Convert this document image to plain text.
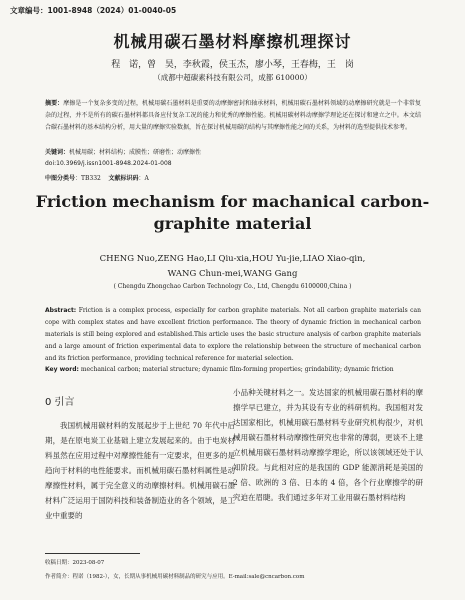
文章编号：1001-8948（2024）01-0040-05
机械用碳石墨材料摩擦机理探讨
程 诺，曾 昊，李秋霞，侯玉杰，廖小琴，王春梅，王 岗
（成都中超碳素科技有限公司，成都 610000）
摘要：摩擦是一个复杂多变的过程，机械用碳石墨材料是重要的动摩擦密封和轴承材料，机械用碳石墨材料领域的动摩擦研究就是一个非常复杂的过程，并不是所有的碳石墨材料都具备应付复杂工况的能力和优秀的摩擦性能。机械用碳材料动摩擦学理论还在探讨和建立之中。本文结合碳石墨材料的基本结构分析，用大量的摩擦实验数据，旨在探讨机械用碳的结构与其摩擦性能之间的关系，为材料的选型提供技术参考。
关键词：机械用碳；材料结构；成膜性；研磨性；动摩擦性
doi:10.3969/j.issn1001-8948.2024-01-008
中图分类号：TB332 文献标识码：A
Friction mechanism for machanical carbon-graphite material
CHENG Nuo,ZENG Hao,LI Qiu-xia,HOU Yu-jie,LIAO Xiao-qin,
WANG Chun-mei,WANG Gang
( Chengdu Zhongchao Carbon Technology Co., Ltd, Chengdu 6100000,China )
Abstract: Friction is a complex process, especially for carbon graphite materials. Not all carbon graphite materials can cope with complex states and have excellent friction performance. The theory of dynamic friction in mechanical carbon materials is still being explored and established.This article uses the basic structure analysis of carbon graphite materials and a large amount of friction experimental data to explore the relationship between the structure of mechanical carbon and its friction performance, providing technical reference for material selection.
Key word: mechanical carbon; material structure; dynamic film-forming properties; grindability; dynamic friction
0 引言

我国机械用碳材料的发展起步于上世纪 70 年代中后期，是在原电炭工业基础上建立发展起来的。由于电炭材料虽然在应用过程中对摩擦性能有一定要求，但更多的是趋向于材料的电性能要求。而机械用碳石墨材料属性是动摩擦性材料，属于完全意义的动摩擦材料。机械用碳石墨材料广泛运用于国防科技和装备制造业的各个领域，是工业中重要的

小品种关键材料之一。发达国家的机械用碳石墨材料的摩擦学早已建立，并为其设有专业的科研机构。我国相对发达国家相比，机械用碳石墨材料专业研究机构很少，对机械用碳石墨材料动摩擦性研究也非常的薄弱，更谈不上建立机械用碳石墨材料动摩擦学理论，所以该领域还处于认知阶段。与此相对应的是我国的 GDP 能源消耗是美国的 2 倍、欧洲的 3 倍、日本的 4 倍，各个行业摩擦学的研究迫在眉睫。我们通过多年对工业用碳石墨材料结构

收稿日期：2023-08-07
作者简介：程诺（1982-），女，长期从事机械用碳材料制品的研究与应用。E-mail:sale@cncarbon.com
